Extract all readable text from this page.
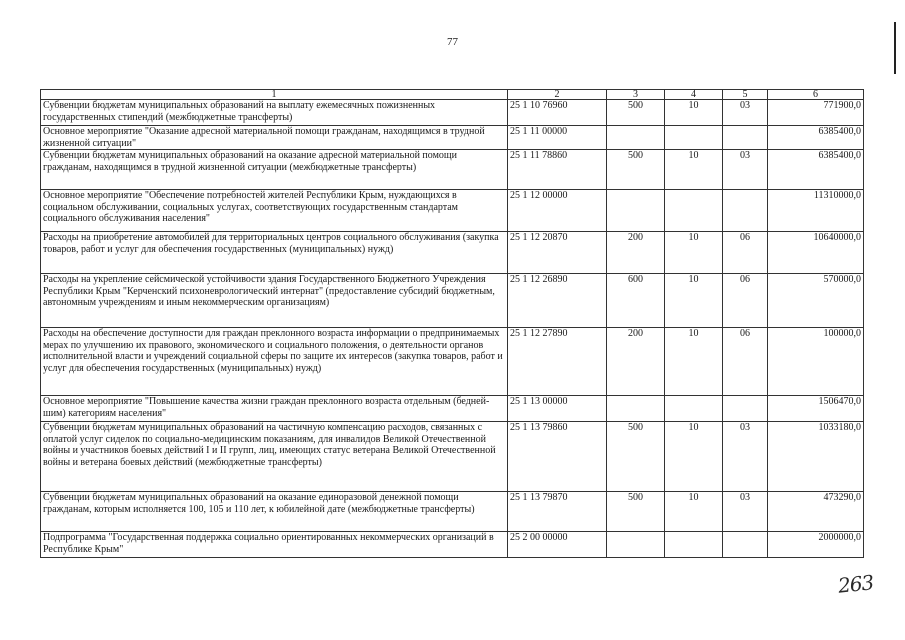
77
1	2	3	4	5	6
Субвенции бюджетам муниципальных образований на выплату ежемесячных пожизненных государственных стипендий (межбюджетные трансферты)	25 1 10 76960	500	10	03	771900,0
Основное мероприятие "Оказание адресной материальной помощи гражданам, находящимся в трудной жизненной ситуации"	25 1 11 00000				6385400,0
Субвенции бюджетам муниципальных образований на оказание адресной материальной помощи гражданам, находящимся в трудной жизненной ситуации (межбюджетные трансферты)	25 1 11 78860	500	10	03	6385400,0
Основное мероприятие "Обеспечение потребностей жителей Республики Крым, нуждающихся в социальном обслуживании, социальных услугах, соответствующих государственным стандартам социального обслуживания населения"	25 1 12 00000				11310000,0
Расходы на приобретение автомобилей для территориальных центров социального обслуживания (закупка товаров, работ и услуг для обеспечения государственных (муниципальных) нужд)	25 1 12 20870	200	10	06	10640000,0
Расходы на укрепление сейсмической устойчивости здания Государственного Бюджетного Учреждения Республики Крым "Керченский психоневрологический интернат" (предоставление субсидий бюджетным, автономным учреждениям и иным некоммерческим организациям)	25 1 12 26890	600	10	06	570000,0
Расходы на обеспечение доступности для граждан преклонного возраста информации о предпринимаемых мерах по улучшению их правового, экономического и социального положения, о деятельности органов исполнительной власти и учреждений социальной сферы по защите их интересов (закупка товаров, работ и услуг для обеспечения государственных (муниципальных) нужд)	25 1 12 27890	200	10	06	100000,0
Основное мероприятие "Повышение качества жизни граждан преклонного возраста отдельным (беднейшим) категориям населения"	25 1 13 00000				1506470,0
Субвенции бюджетам муниципальных образований на частичную компенсацию расходов, связанных с оплатой услуг сиделок по социально-медицинским показаниям, для инвалидов Великой Отечественной войны и участников боевых действий I и II групп, лиц, имеющих статус ветерана Великой Отечественной войны и ветерана боевых действий (межбюджетные трансферты)	25 1 13 79860	500	10	03	1033180,0
Субвенции бюджетам муниципальных образований на оказание единоразовой денежной помощи гражданам, которым исполняется 100, 105 и 110 лет, к юбилейной дате (межбюджетные трансферты)	25 1 13 79870	500	10	03	473290,0
Подпрограмма "Государственная поддержка социально ориентированных некоммерческих организаций в Республике Крым"	25 2 00 00000				2000000,0
263
